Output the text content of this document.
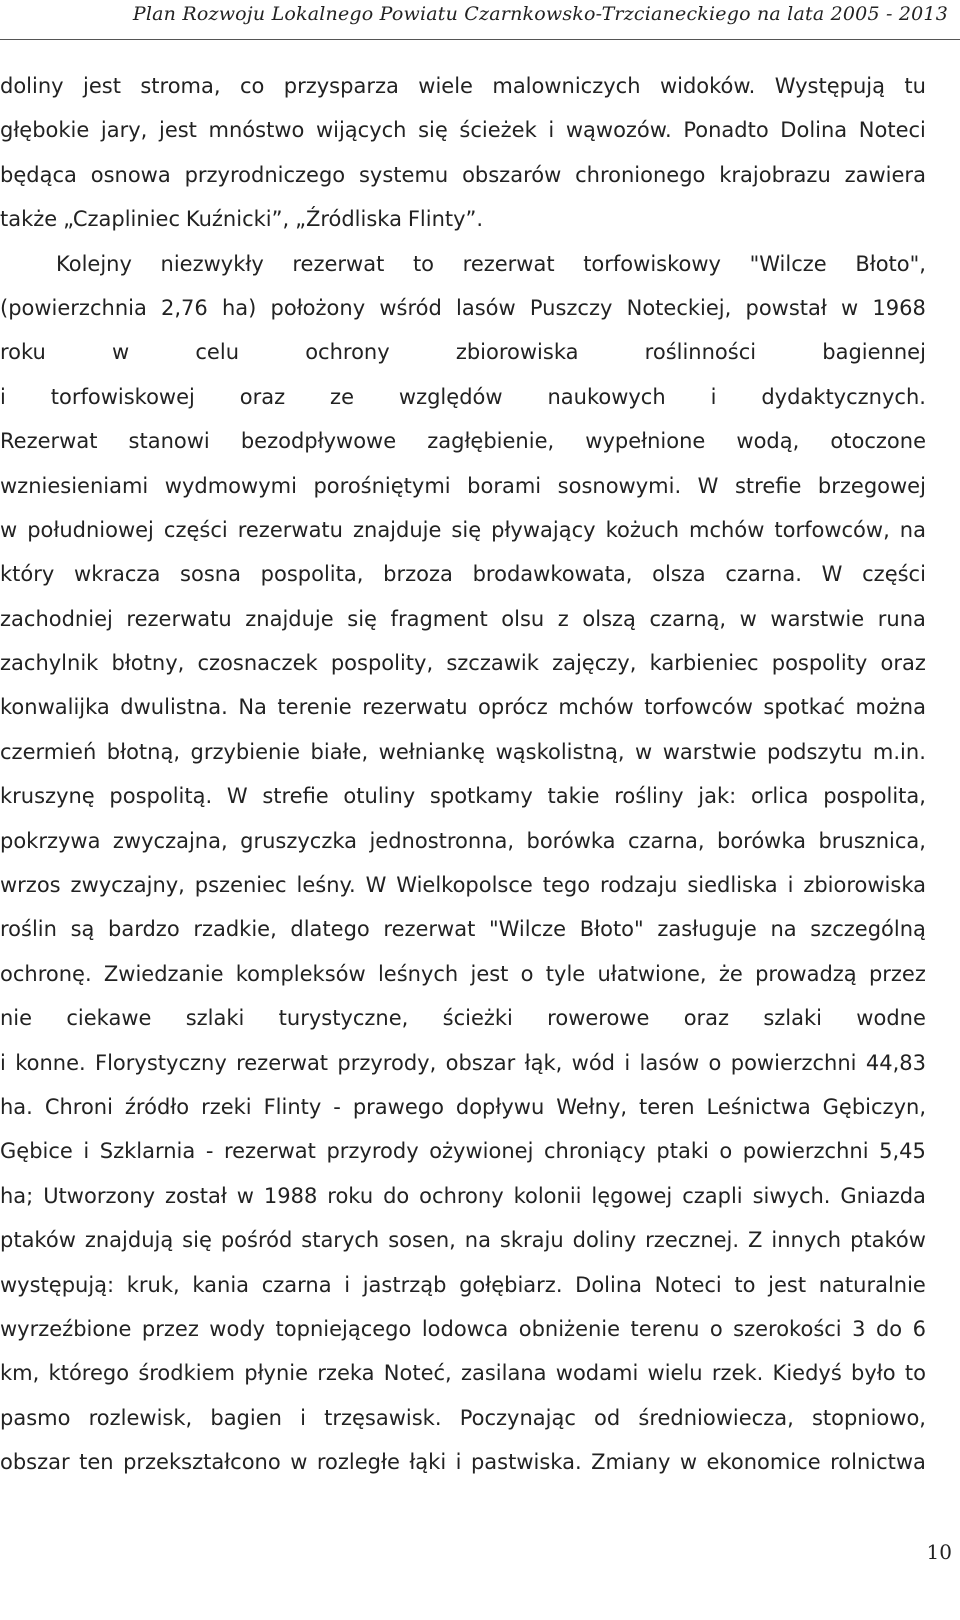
Plan Rozwoju Lokalnego Powiatu Czarnkowsko-Trzcianeckiego na lata 2005 - 2013
doliny jest stroma, co przysparza wiele malowniczych widoków. Występują tu
głębokie jary, jest mnóstwo wijących się ścieżek i wąwozów. Ponadto Dolina Noteci
będąca osnowa przyrodniczego systemu obszarów chronionego krajobrazu zawiera
także „Czapliniec Kuźnicki”, „Źródliska Flinty”.
Kolejny niezwykły rezerwat to rezerwat torfowiskowy "Wilcze Błoto",
(powierzchnia 2,76 ha) położony wśród lasów Puszczy Noteckiej, powstał w 1968
roku	w	celu	ochrony	zbiorowiska	roślinności	bagiennej
i torfowiskowej oraz ze względów naukowych i dydaktycznych.
Rezerwat stanowi bezodpływowe zagłębienie, wypełnione wodą, otoczone
wzniesieniami wydmowymi porośniętymi borami sosnowymi. W strefie brzegowej
w południowej części rezerwatu znajduje się pływający kożuch mchów torfowców, na
który wkracza sosna pospolita, brzoza brodawkowata, olsza czarna. W części
zachodniej rezerwatu znajduje się fragment olsu z olszą czarną, w warstwie runa
zachylnik błotny, czosnaczek pospolity, szczawik zajęczy, karbieniec pospolity oraz
konwalijka dwulistna. Na terenie rezerwatu oprócz mchów torfowców spotkać można
czermień błotną, grzybienie białe, wełniankę wąskolistną, w warstwie podszytu m.in.
kruszynę pospolitą. W strefie otuliny spotkamy takie rośliny jak: orlica pospolita,
pokrzywa zwyczajna, gruszyczka jednostronna, borówka czarna, borówka brusznica,
wrzos zwyczajny, pszeniec leśny. W Wielkopolsce tego rodzaju siedliska i zbiorowiska
roślin są bardzo rzadkie, dlatego rezerwat "Wilcze Błoto" zasługuje na szczególną
ochronę. Zwiedzanie kompleksów leśnych jest o tyle ułatwione, że prowadzą przez
nie ciekawe szlaki turystyczne, ścieżki rowerowe oraz szlaki wodne
i konne. Florystyczny rezerwat przyrody, obszar łąk, wód i lasów o powierzchni 44,83
ha. Chroni źródło rzeki Flinty - prawego dopływu Wełny, teren Leśnictwa Gębiczyn,
Gębice i Szklarnia - rezerwat przyrody ożywionej chroniący ptaki o powierzchni 5,45
ha; Utworzony został w 1988 roku do ochrony kolonii lęgowej czapli siwych. Gniazda
ptaków znajdują się pośród starych sosen, na skraju doliny rzecznej. Z innych ptaków
występują: kruk, kania czarna i jastrząb gołębiarz. Dolina Noteci to jest naturalnie
wyrzeźbione przez wody topniejącego lodowca obniżenie terenu o szerokości 3 do 6
km, którego środkiem płynie rzeka Noteć, zasilana wodami wielu rzek. Kiedyś było to
pasmo rozlewisk, bagien i trzęsawisk. Poczynając od średniowiecza, stopniowo,
obszar ten przekształcono w rozległe łąki i pastwiska. Zmiany w ekonomice rolnictwa
10
